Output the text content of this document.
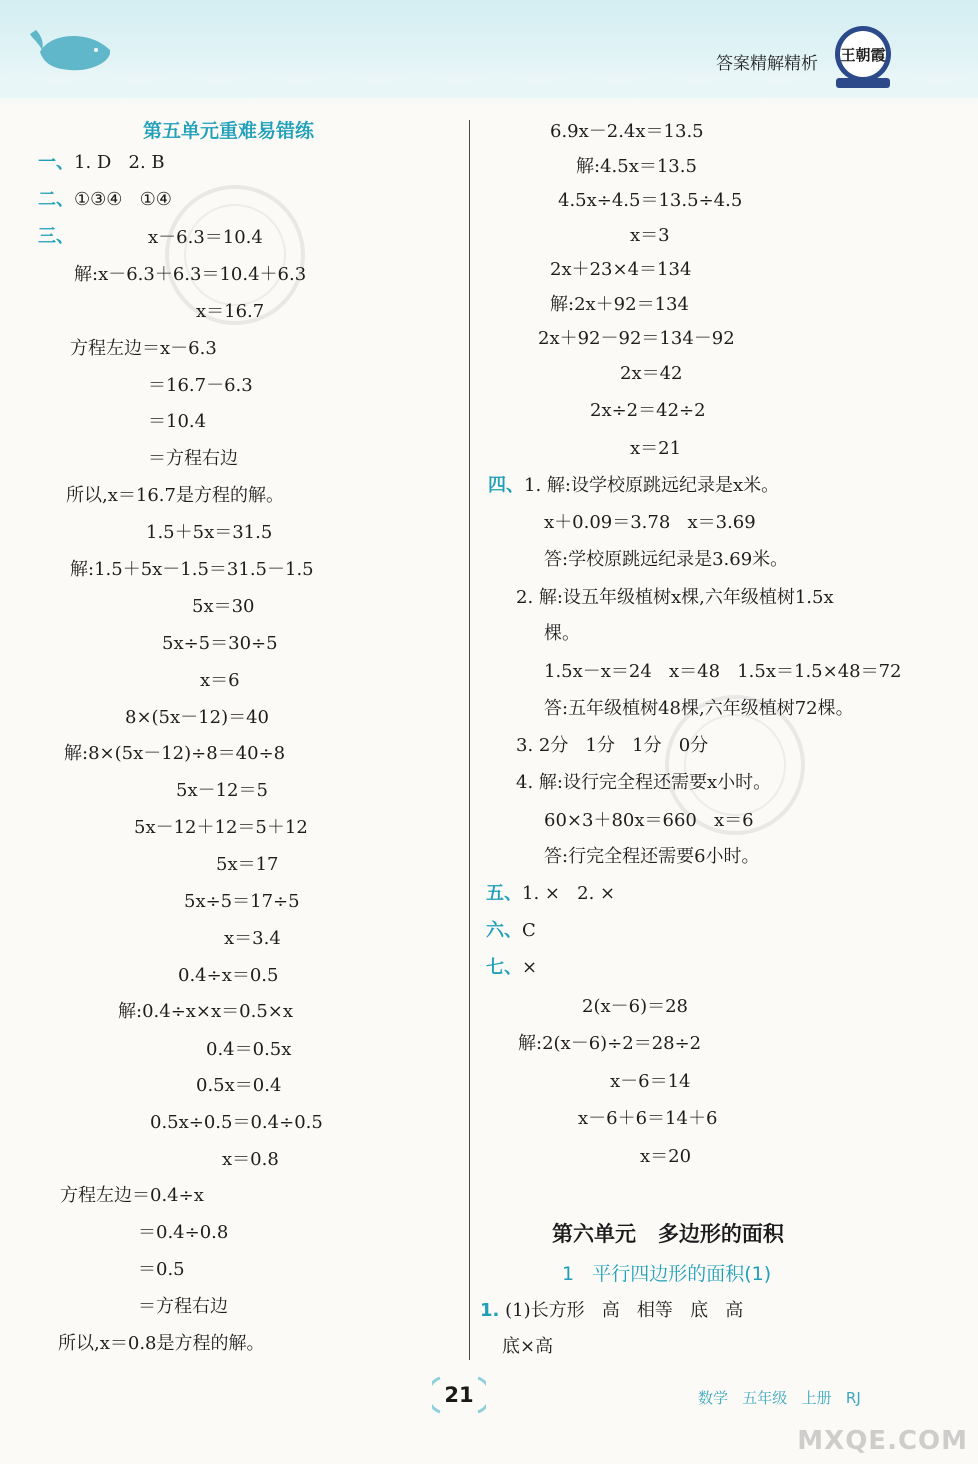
答案精解精析 王朝霞
第五单元重难易错练
一、1. D   2. B
二、①③④   ①④
三、	x－6.3＝10.4
解:x－6.3＋6.3＝10.4＋6.3
x＝16.7
方程左边＝x－6.3
＝16.7－6.3
＝10.4
＝方程右边
所以,x＝16.7是方程的解。
1.5＋5x＝31.5
解:1.5＋5x－1.5＝31.5－1.5
5x＝30
5x÷5＝30÷5
x＝6
8×(5x－12)＝40
解:8×(5x－12)÷8＝40÷8
5x－12＝5
5x－12＋12＝5＋12
5x＝17
5x÷5＝17÷5
x＝3.4
0.4÷x＝0.5
解:0.4÷x×x＝0.5×x
0.4＝0.5x
0.5x＝0.4
0.5x÷0.5＝0.4÷0.5
x＝0.8
方程左边＝0.4÷x
＝0.4÷0.8
＝0.5
＝方程右边
所以,x＝0.8是方程的解。
6.9x－2.4x＝13.5
解:4.5x＝13.5
4.5x÷4.5＝13.5÷4.5
x＝3
2x＋23×4＝134
解:2x＋92＝134
2x＋92－92＝134－92
2x＝42
2x÷2＝42÷2
x＝21
四、1. 解:设学校原跳远纪录是x米。
x＋0.09＝3.78   x＝3.69
答:学校原跳远纪录是3.69米。
2. 解:设五年级植树x棵,六年级植树1.5x
棵。
1.5x－x＝24   x＝48   1.5x＝1.5×48＝72
答:五年级植树48棵,六年级植树72棵。
3. 2分   1分   1分   0分
4. 解:设行完全程还需要x小时。
60×3＋80x＝660   x＝6
答:行完全程还需要6小时。
五、1. ×   2. ×
六、C
七、×
2(x－6)＝28
解:2(x－6)÷2＝28÷2
x－6＝14
x－6＋6＝14＋6
x＝20
第六单元   多边形的面积
1   平行四边形的面积(1)
1. (1)长方形   高   相等   底   高
底×高
21	数学   五年级   上册   RJ
MXQE.COM
